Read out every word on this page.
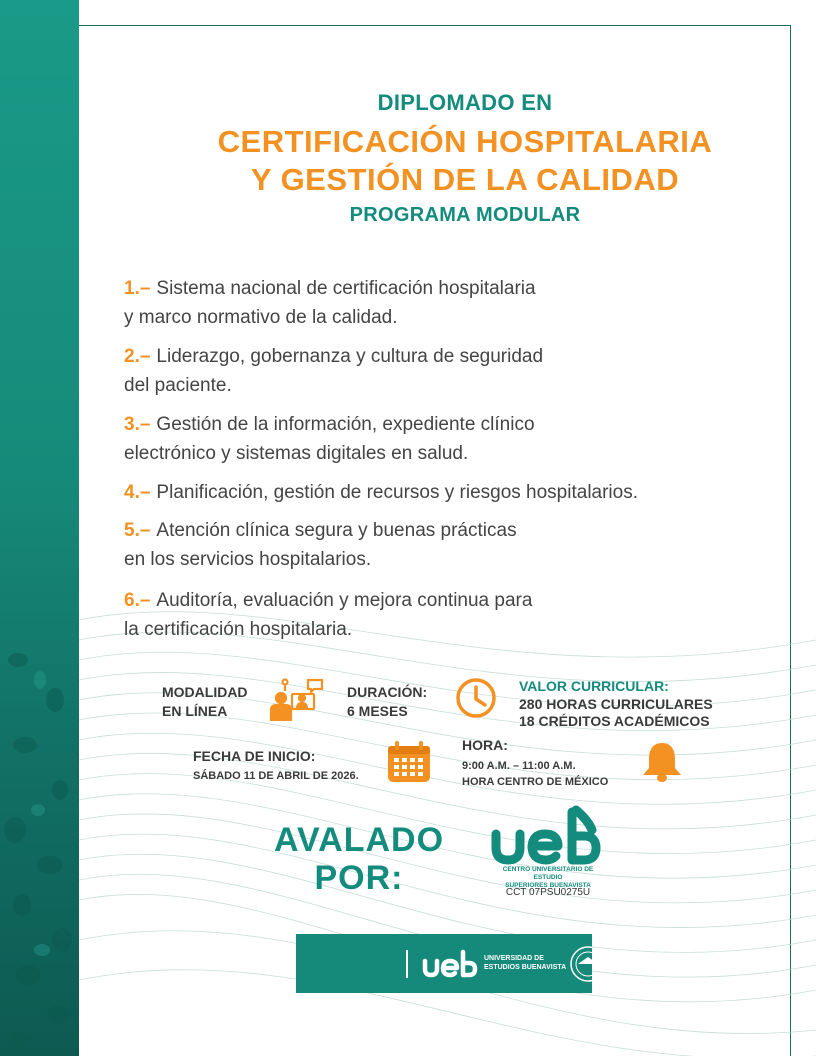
DIPLOMADO EN
CERTIFICACIÓN HOSPITALARIA
Y GESTIÓN DE LA CALIDAD
PROGRAMA MODULAR
1.– Sistema nacional de certificación hospitalaria
y marco normativo de la calidad.
2.– Liderazgo, gobernanza y cultura de seguridad
del paciente.
3.– Gestión de la información, expediente clínico
electrónico y sistemas digitales en salud.
4.– Planificación, gestión de recursos y riesgos hospitalarios.
5.– Atención clínica segura y buenas prácticas
en los servicios hospitalarios.
6.– Auditoría, evaluación y mejora continua para
la certificación hospitalaria.
MODALIDAD
EN LÍNEA
DURACIÓN:
6 MESES
VALOR CURRICULAR:
280 HORAS CURRICULARES
18 CRÉDITOS ACADÉMICOS
FECHA DE INICIO:
SÁBADO 11 DE ABRIL DE 2026.
HORA:
9:00 A.M. – 11:00 A.M.
HORA CENTRO DE MÉXICO
AVALADO
POR:	CENTRO UNIVERSITARIO DE ESTUDIO
SUPERIORES BUENAVISTA
CCT 07PSU0275U
UNIVERSIDAD DE
ESTUDIOS BUENAVISTA
